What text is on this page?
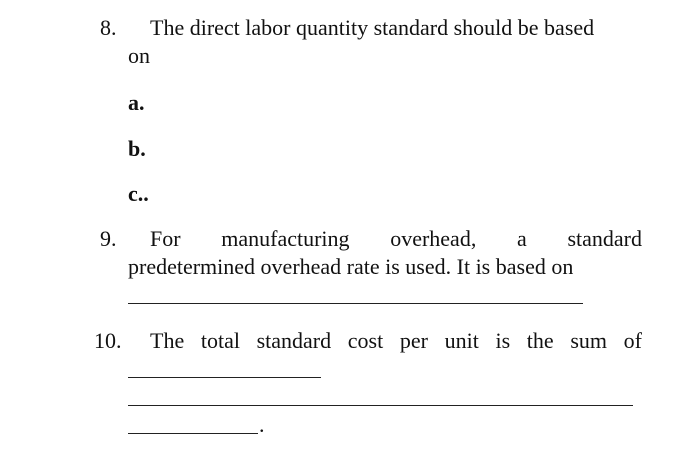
8. The direct labor quantity standard should be based
on
a.
b.
c..
9. For manufacturing overhead, a standard
predetermined overhead rate is used. It is based on
10. The total standard cost per unit is the sum of
.
